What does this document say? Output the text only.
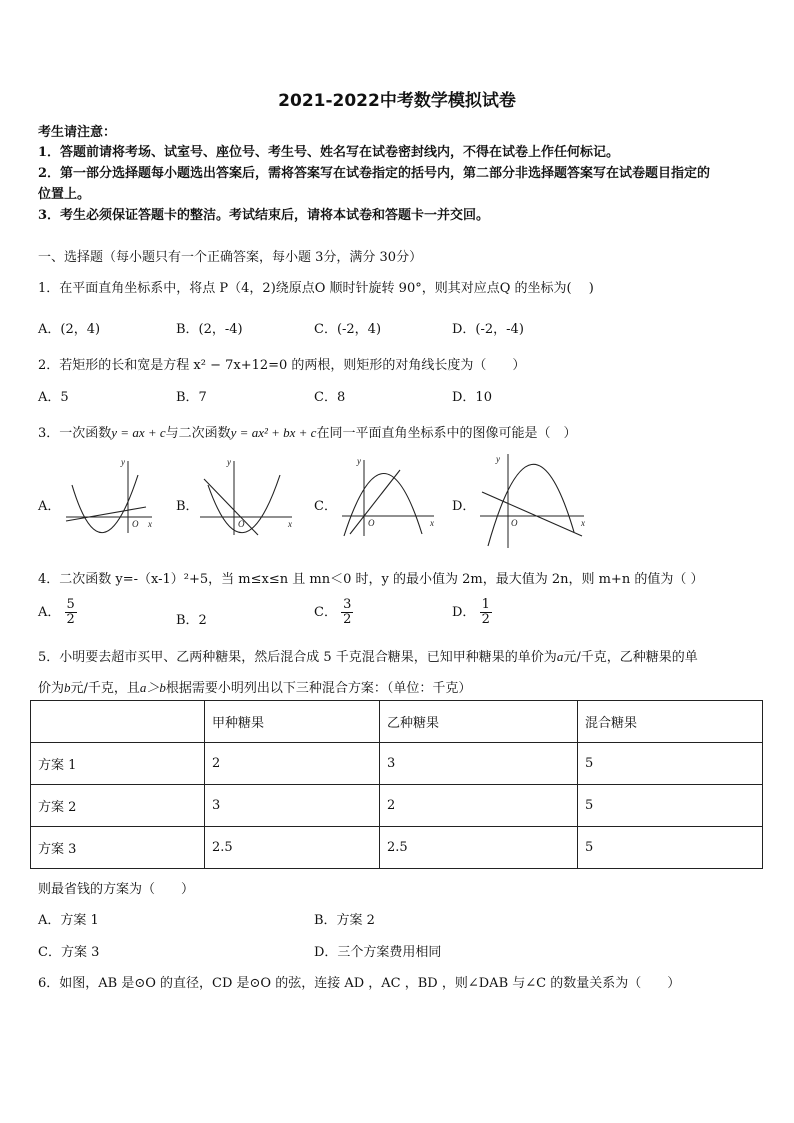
2021-2022中考数学模拟试卷
考生请注意：
1．答题前请将考场、试室号、座位号、考生号、姓名写在试卷密封线内，不得在试卷上作任何标记。
2．第一部分选择题每小题选出答案后，需将答案写在试卷指定的括号内，第二部分非选择题答案写在试卷题目指定的
位置上。
3．考生必须保证答题卡的整洁。考试结束后，请将本试卷和答题卡一并交回。
一、选择题（每小题只有一个正确答案，每小题 3分，满分 30分）
1．在平面直角坐标系中，将点 P（4，2)绕原点O 顺时针旋转 90°，则其对应点Q 的坐标为(　 )
A．(2，4)	B．(2，-4)	C．(-2，4)	D．(-2，-4)
2．若矩形的长和宽是方程 x² − 7x+12=0 的两根，则矩形的对角线长度为（　　）
A．5	B．7	C．8	D．10
3．一次函数y = ax + c与二次函数y = ax² + bx + c在同一平面直角坐标系中的图像可能是（　）
A．	B．	C．	D．
y
x
O
y
x
O
y
x
O
y
x
O
4．二次函数 y=-（x-1）²+5，当 m≤x≤n 且 mn＜0 时，y 的最小值为 2m，最大值为 2n，则 m+n 的值为（ ）
A． $\frac{5}{2}$	B．2
C． $\frac{3}{2}$	D． $\frac{1}{2}$
5．小明要去超市买甲、乙两种糖果，然后混合成 5 千克混合糖果，已知甲种糖果的单价为a元/千克，乙种糖果的单
价为b元/千克，且a＞b根据需要小明列出以下三种混合方案：（单位：千克）
	甲种糖果	乙种糖果	混合糖果
方案 1	2	3	5
方案 2	3	2	5
方案 3	2.5	2.5	5
则最省钱的方案为（　　）
A．方案 1	B．方案 2
C．方案 3	D．三个方案费用相同
6．如图，AB 是⊙O 的直径，CD 是⊙O 的弦，连接 AD ，AC ，BD ，则∠DAB 与∠C 的数量关系为（　　）
